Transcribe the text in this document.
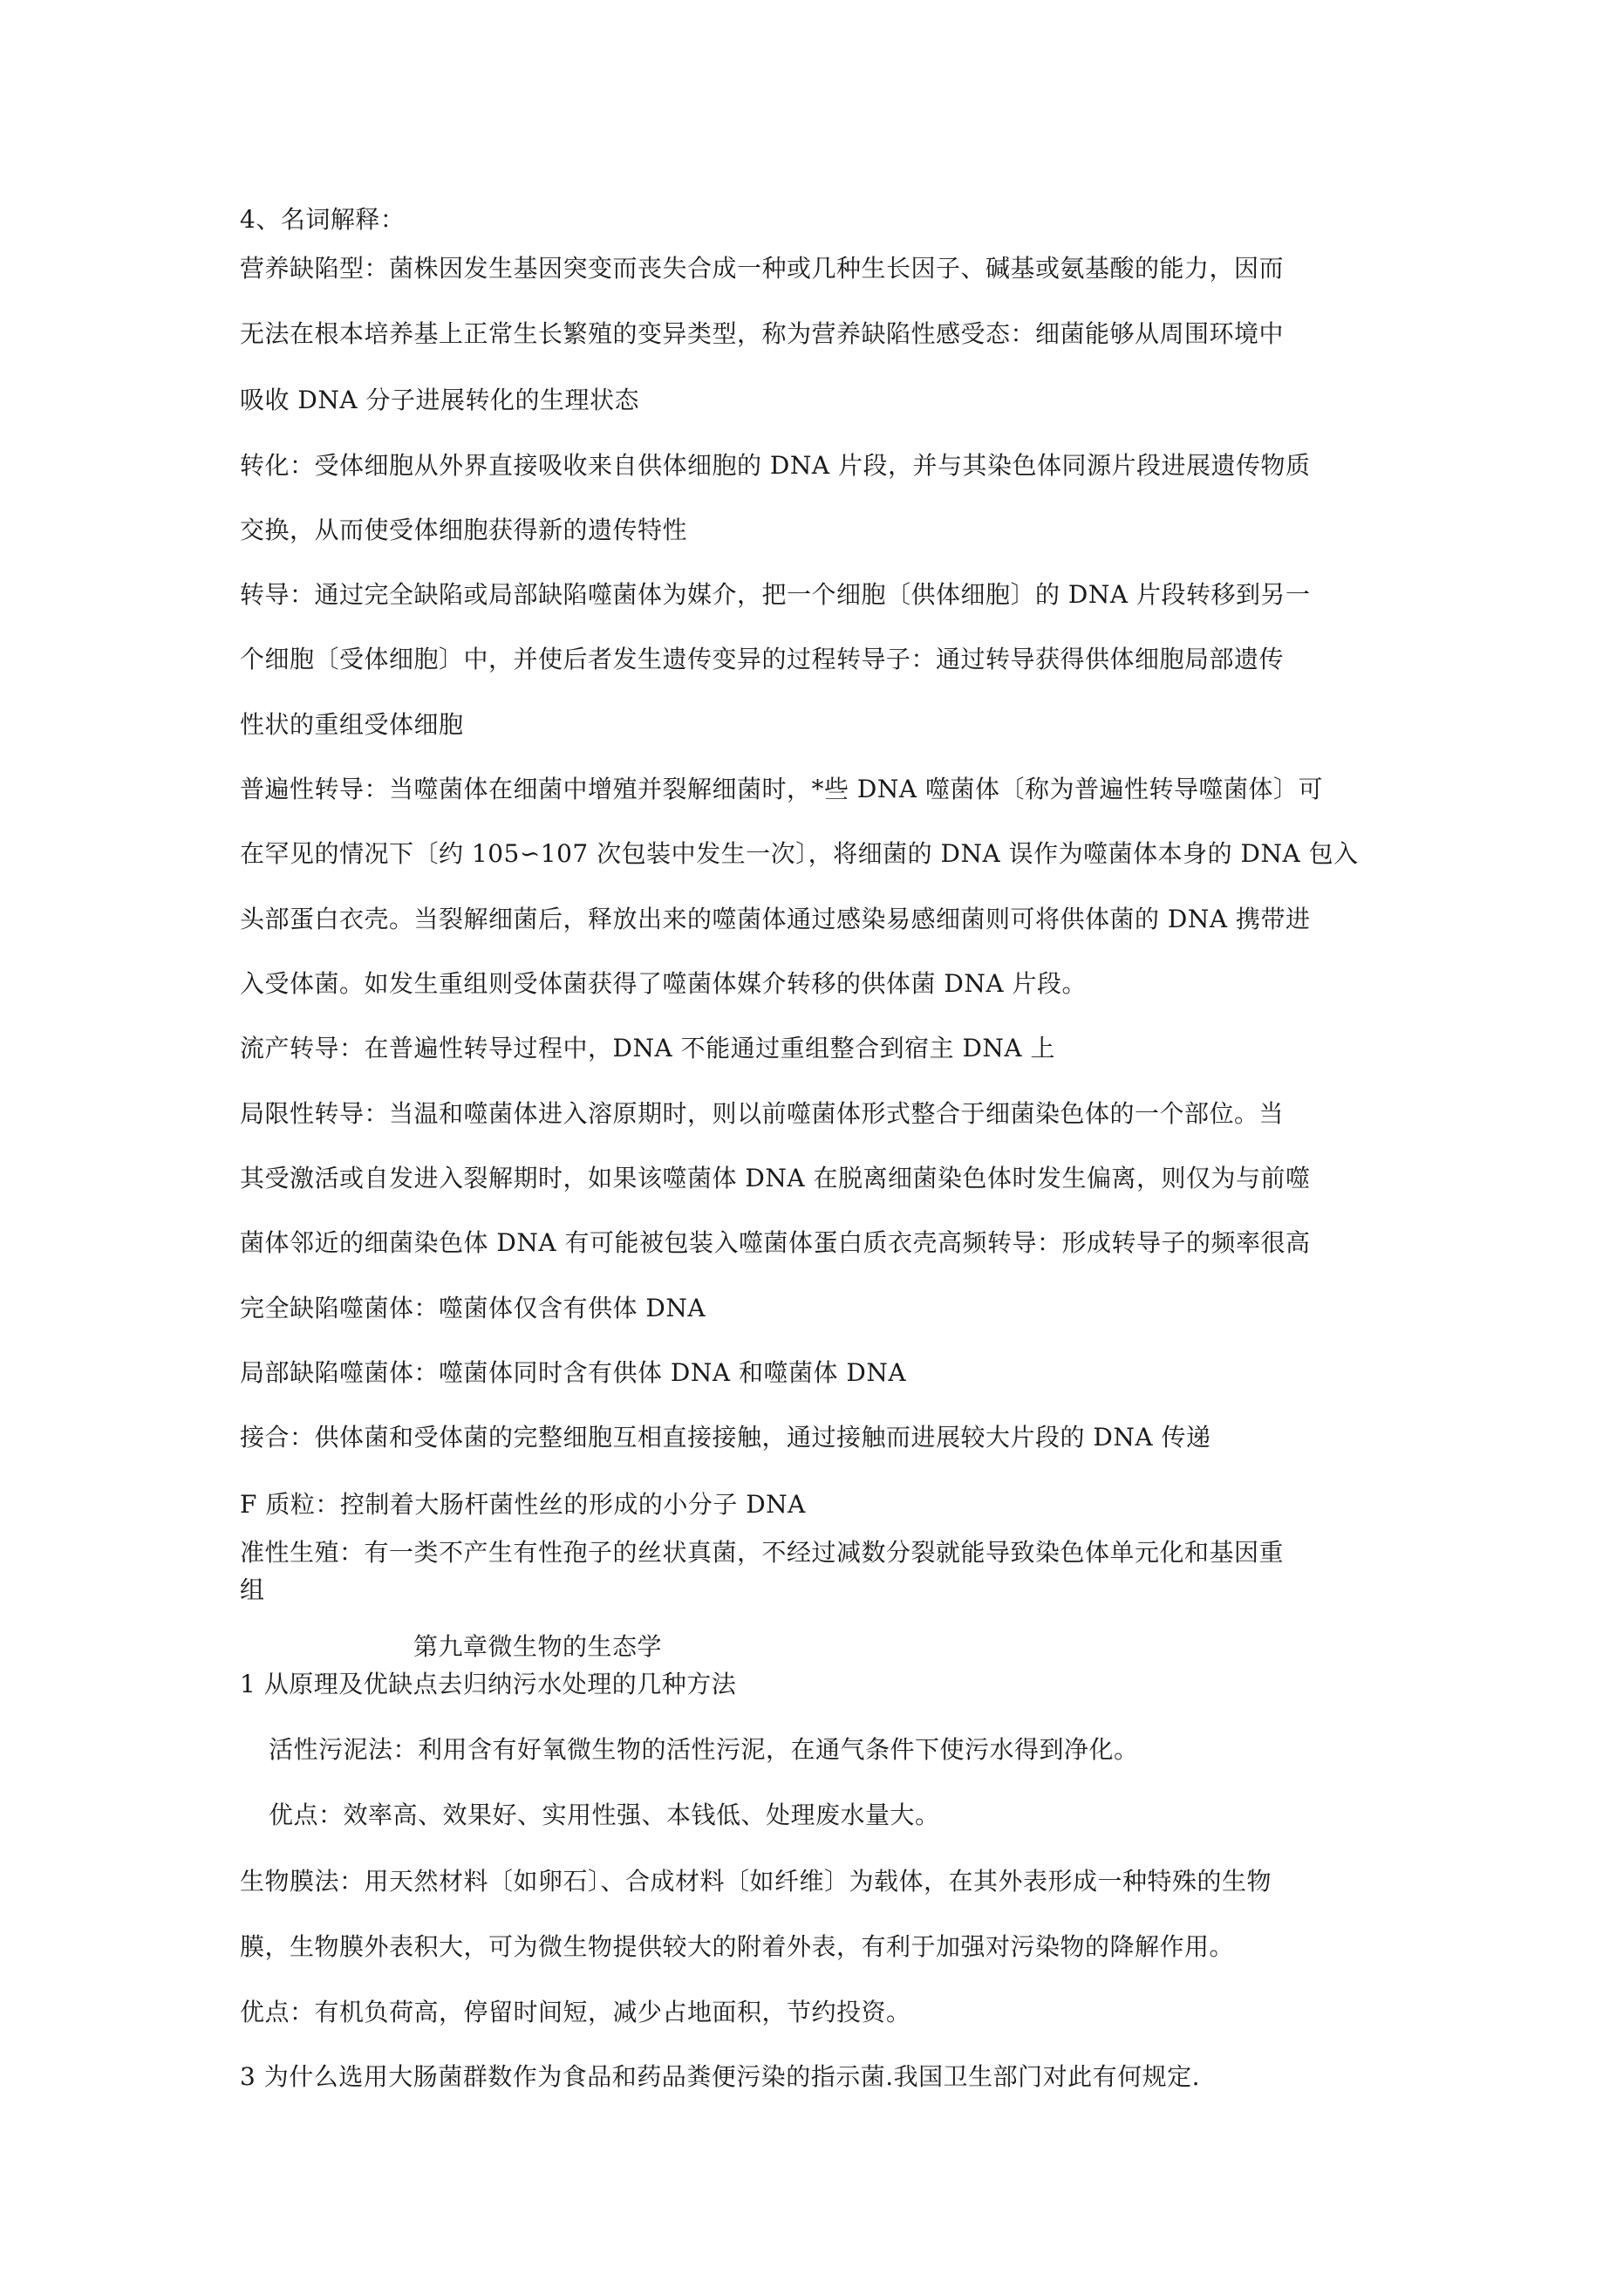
4、名词解释：
营养缺陷型：菌株因发生基因突变而丧失合成一种或几种生长因子、碱基或氨基酸的能力，因而
无法在根本培养基上正常生长繁殖的变异类型，称为营养缺陷性感受态：细菌能够从周围环境中
吸收 DNA 分子进展转化的生理状态
转化：受体细胞从外界直接吸收来自供体细胞的 DNA 片段，并与其染色体同源片段进展遗传物质
交换，从而使受体细胞获得新的遗传特性
转导：通过完全缺陷或局部缺陷噬菌体为媒介，把一个细胞〔供体细胞〕的 DNA 片段转移到另一
个细胞〔受体细胞〕中，并使后者发生遗传变异的过程转导子：通过转导获得供体细胞局部遗传
性状的重组受体细胞
普遍性转导：当噬菌体在细菌中增殖并裂解细菌时，*些 DNA 噬菌体〔称为普遍性转导噬菌体〕可
在罕见的情况下〔约 105∽107 次包装中发生一次〕，将细菌的 DNA 误作为噬菌体本身的 DNA 包入
头部蛋白衣壳。当裂解细菌后，释放出来的噬菌体通过感染易感细菌则可将供体菌的 DNA 携带进
入受体菌。如发生重组则受体菌获得了噬菌体媒介转移的供体菌 DNA 片段。
流产转导：在普遍性转导过程中，DNA 不能通过重组整合到宿主 DNA 上
局限性转导：当温和噬菌体进入溶原期时，则以前噬菌体形式整合于细菌染色体的一个部位。当
其受激活或自发进入裂解期时，如果该噬菌体 DNA 在脱离细菌染色体时发生偏离，则仅为与前噬
菌体邻近的细菌染色体 DNA 有可能被包装入噬菌体蛋白质衣壳高频转导：形成转导子的频率很高
完全缺陷噬菌体：噬菌体仅含有供体 DNA
局部缺陷噬菌体：噬菌体同时含有供体 DNA 和噬菌体 DNA
接合：供体菌和受体菌的完整细胞互相直接接触，通过接触而进展较大片段的 DNA 传递
F 质粒：控制着大肠杆菌性丝的形成的小分子 DNA
准性生殖：有一类不产生有性孢子的丝状真菌，不经过减数分裂就能导致染色体单元化和基因重
组
第九章微生物的生态学
1 从原理及优缺点去归纳污水处理的几种方法
活性污泥法：利用含有好氧微生物的活性污泥，在通气条件下使污水得到净化。
优点：效率高、效果好、实用性强、本钱低、处理废水量大。
生物膜法：用天然材料〔如卵石〕、合成材料〔如纤维〕为载体，在其外表形成一种特殊的生物
膜，生物膜外表积大，可为微生物提供较大的附着外表，有利于加强对污染物的降解作用。
优点：有机负荷高，停留时间短，减少占地面积，节约投资。
3 为什么选用大肠菌群数作为食品和药品粪便污染的指示菌.我国卫生部门对此有何规定.
